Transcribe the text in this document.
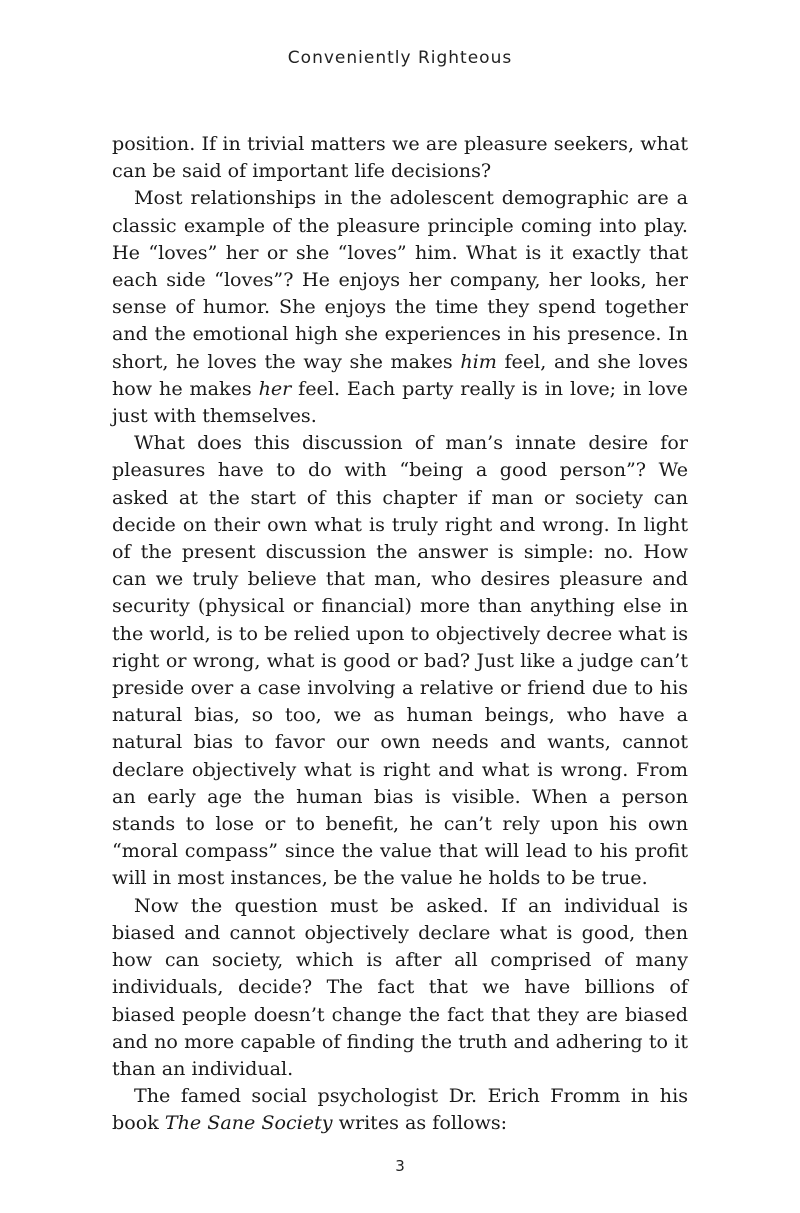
Conveniently Righteous

position. If in trivial matters we are pleasure seekers, what can be said of important life decisions?

Most relationships in the adolescent demographic are a classic example of the pleasure principle coming into play. He “loves” her or she “loves” him. What is it exactly that each side “loves”? He enjoys her company, her looks, her sense of humor. She enjoys the time they spend together and the emotional high she experiences in his presence. In short, he loves the way she makes him feel, and she loves how he makes her feel. Each party really is in love; in love just with themselves.

What does this discussion of man’s innate desire for pleasures have to do with “being a good person”? We asked at the start of this chapter if man or society can decide on their own what is truly right and wrong. In light of the present discussion the answer is simple: no. How can we truly believe that man, who desires pleasure and security (physical or financial) more than anything else in the world, is to be relied upon to objectively decree what is right or wrong, what is good or bad? Just like a judge can’t preside over a case involving a relative or friend due to his natural bias, so too, we as human beings, who have a natural bias to favor our own needs and wants, cannot declare objectively what is right and what is wrong. From an early age the human bias is visible. When a person stands to lose or to benefit, he can’t rely upon his own “moral compass” since the value that will lead to his profit will in most instances, be the value he holds to be true.

Now the question must be asked. If an individual is biased and cannot objectively declare what is good, then how can society, which is after all comprised of many individuals, decide? The fact that we have billions of biased people doesn’t change the fact that they are biased and no more capable of finding the truth and adhering to it than an individual.

The famed social psychologist Dr. Erich Fromm in his book The Sane Society writes as follows:

3
